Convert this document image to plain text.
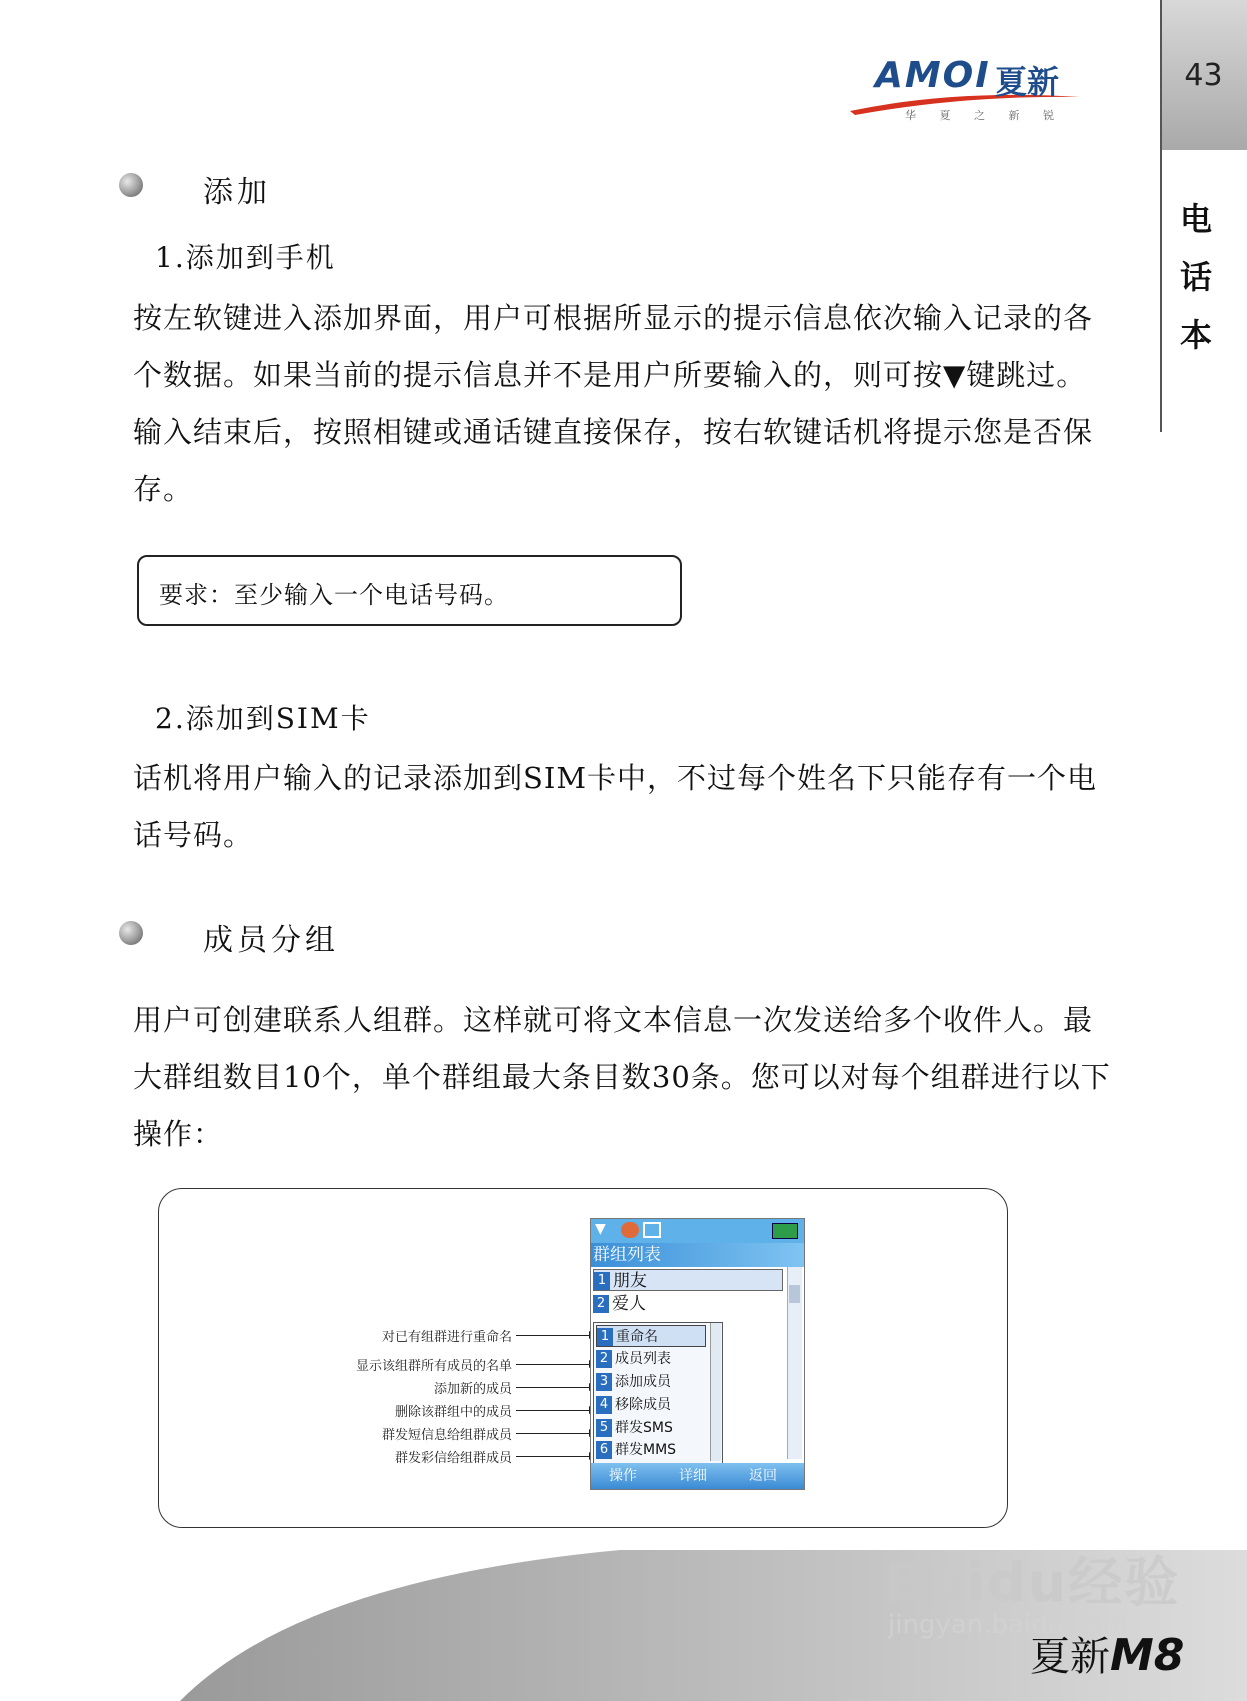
43
电
话
本
AMOI 夏新
华 夏 之 新 锐
添加
1.添加到手机
按左软键进入添加界面，用户可根据所显示的提示信息依次输入记录的各个数据。如果当前的提示信息并不是用户所要输入的，则可按▼键跳过。输入结束后，按照相键或通话键直接保存，按右软键话机将提示您是否保存。
要求：至少输入一个电话号码。
2.添加到SIM卡
话机将用户输入的记录添加到SIM卡中，不过每个姓名下只能存有一个电话号码。
成员分组
用户可创建联系人组群。这样就可将文本信息一次发送给多个收件人。最大群组数目10个，单个群组最大条目数30条。您可以对每个组群进行以下操作：
对已有组群进行重命名
显示该组群所有成员的名单
添加新的成员
删除该群组中的成员
群发短信息给组群成员
群发彩信给组群成员
▼
群组列表
1 朋友
2 爱人
1 重命名
2 成员列表
3 添加成员
4 移除成员
5 群发SMS
6 群发MMS
操作	详细	返回
Baidu经验
jingyan.baidu.com
夏新M8
